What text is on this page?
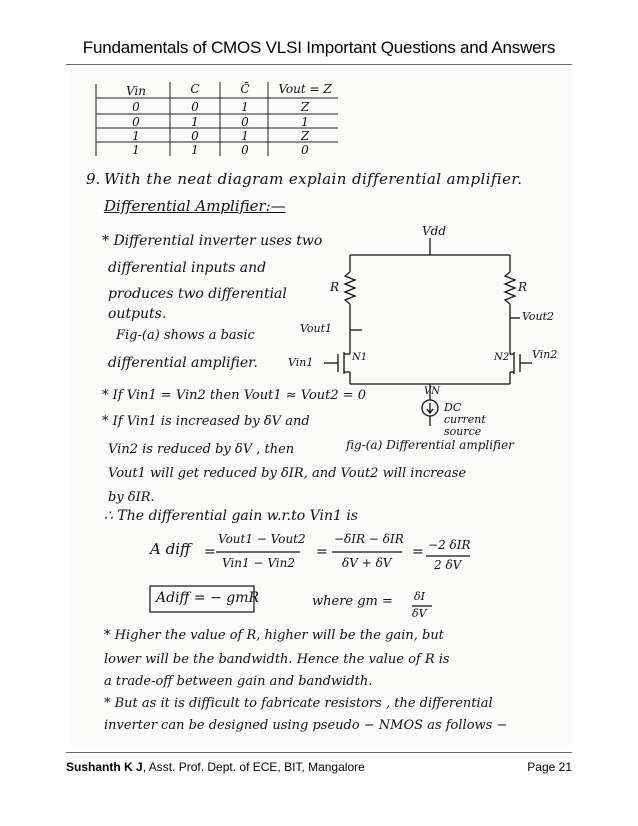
Fundamentals of CMOS VLSI Important Questions and Answers
Vin	C	C̄	Vout = Z
0	0	1	Z
0	1	0	1
1	0	1	Z
1	1	0	0
9. With the neat diagram explain differential amplifier.
Differential Amplifier:—
* Differential inverter uses two
differential inputs and
produces two differential
outputs.
Fig-(a) shows a basic
differential amplifier.
Vdd
R	R
Vout1
Vout2
Vin1
Vin2
N1	N2
VN
DC current source
fig-(a) Differential amplifier
* If Vin1 = Vin2 then Vout1 ≈ Vout2 = 0
* If Vin1 is increased by δV and
Vin2 is reduced by δV , then
Vout1 will get reduced by δIR, and Vout2 will increase
by δIR.
∴ The differential gain w.r.to Vin1 is
A diff =
Vout1 − Vout2
Vin1 − Vin2
=
−δIR − δIR
δV + δV
= −2 δIR
2 δV
Adiff = − gmR	where gm = δI
δV
* Higher the value of R, higher will be the gain, but
lower will be the bandwidth. Hence the value of R is
a trade-off between gain and bandwidth.
* But as it is difficult to fabricate resistors , the differential
inverter can be designed using pseudo − NMOS as follows −
Sushanth K J, Asst. Prof. Dept. of ECE, BIT, Mangalore	Page 21
